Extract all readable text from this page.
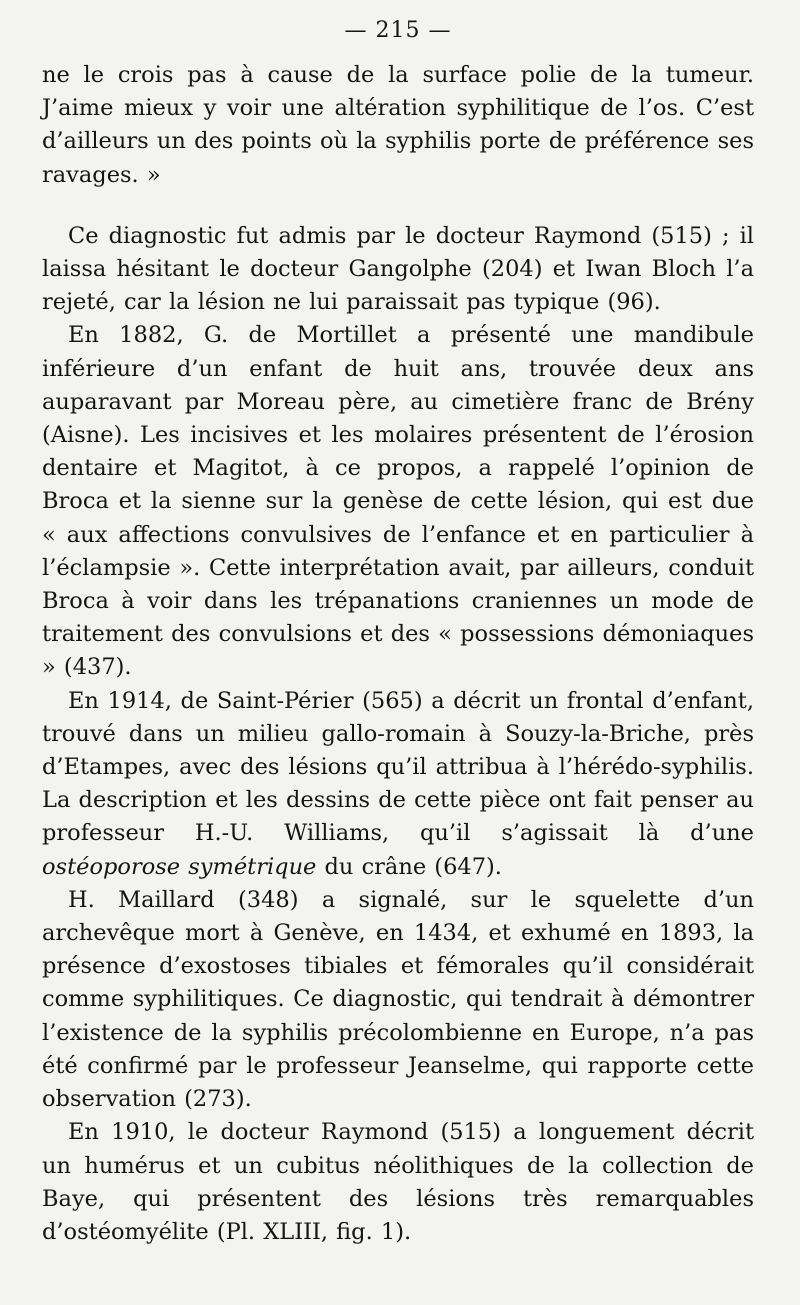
— 215 —

ne le crois pas à cause de la surface polie de la tumeur. J’aime mieux y voir une altération syphilitique de l’os. C’est d’ailleurs un des points où la syphilis porte de préférence ses ravages. »

Ce diagnostic fut admis par le docteur Raymond (515) ; il laissa hésitant le docteur Gangolphe (204) et Iwan Bloch l’a rejeté, car la lésion ne lui paraissait pas typique (96).

En 1882, G. de Mortillet a présenté une mandibule inférieure d’un enfant de huit ans, trouvée deux ans auparavant par Moreau père, au cimetière franc de Brény (Aisne). Les incisives et les molaires présentent de l’érosion dentaire et Magitot, à ce propos, a rappelé l’opinion de Broca et la sienne sur la genèse de cette lésion, qui est due « aux affections convulsives de l’enfance et en particulier à l’éclampsie ». Cette interprétation avait, par ailleurs, conduit Broca à voir dans les trépanations craniennes un mode de traitement des convulsions et des « possessions démoniaques » (437).

En 1914, de Saint-Périer (565) a décrit un frontal d’enfant, trouvé dans un milieu gallo-romain à Souzy-la-Briche, près d’Etampes, avec des lésions qu’il attribua à l’hérédo-syphilis. La description et les dessins de cette pièce ont fait penser au professeur H.-U. Williams, qu’il s’agissait là d’une ostéoporose symétrique du crâne (647).

H. Maillard (348) a signalé, sur le squelette d’un archevêque mort à Genève, en 1434, et exhumé en 1893, la présence d’exostoses tibiales et fémorales qu’il considérait comme syphilitiques. Ce diagnostic, qui tendrait à démontrer l’existence de la syphilis précolombienne en Europe, n’a pas été confirmé par le professeur Jeanselme, qui rapporte cette observation (273).

En 1910, le docteur Raymond (515) a longuement décrit un humérus et un cubitus néolithiques de la collection de Baye, qui présentent des lésions très remarquables d’ostéomyélite (Pl. XLIII, fig. 1).
